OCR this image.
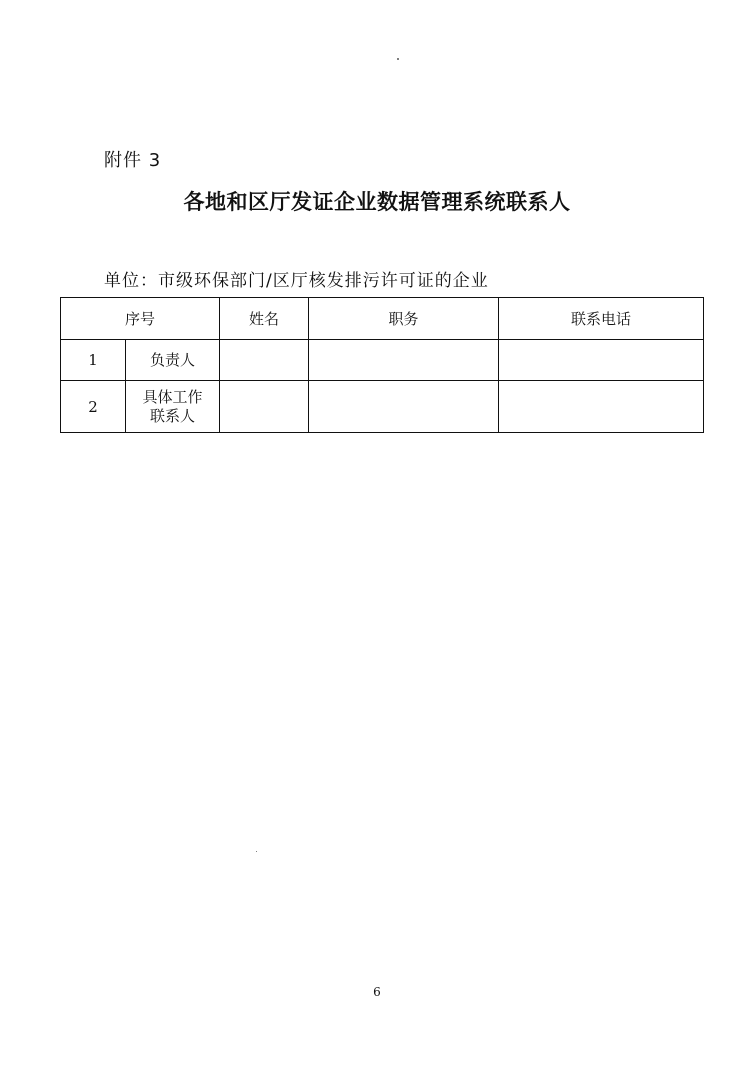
附件 3
各地和区厅发证企业数据管理系统联系人
单位：市级环保部门/区厅核发排污许可证的企业
序号		姓名	职务	联系电话
1	负责人			
2	具体工作
联系人			
6
